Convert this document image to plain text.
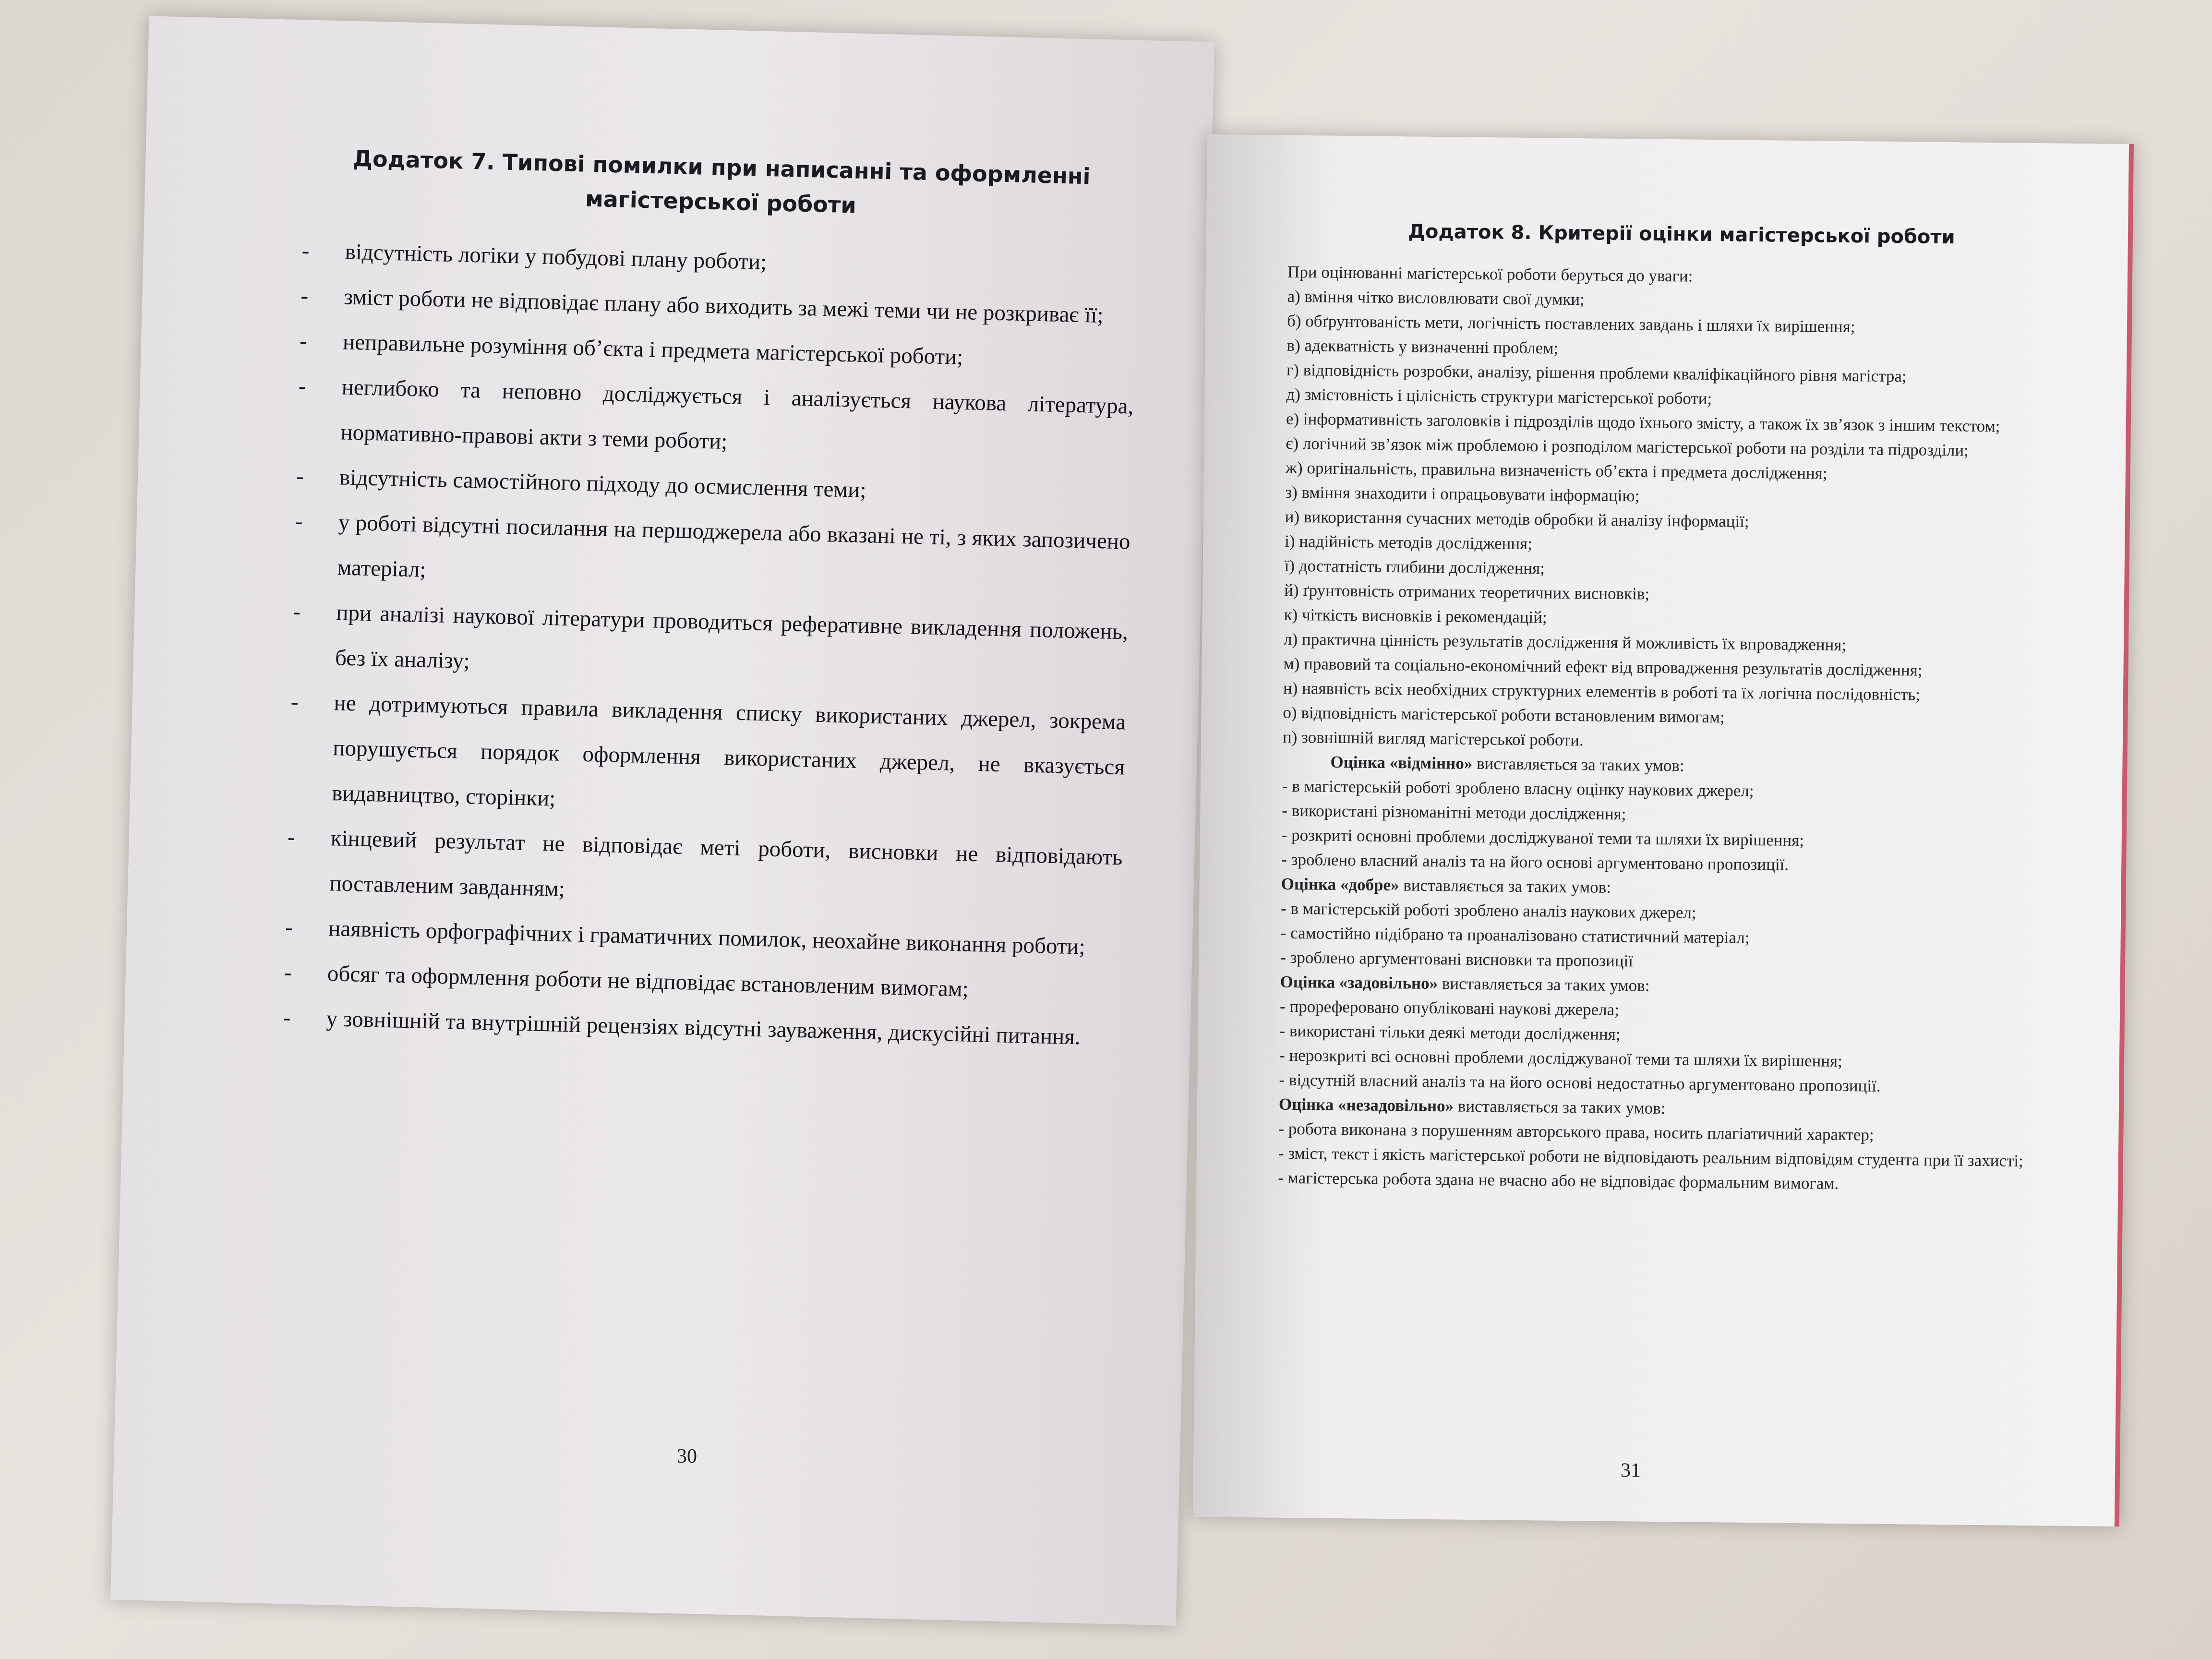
Додаток 7. Типові помилки при написанні та оформленні магістерської роботи
- відсутність логіки у побудові плану роботи;
- зміст роботи не відповідає плану або виходить за межі теми чи не розкриває її;
- неправильне розуміння об’єкта і предмета магістерської роботи;
- неглибоко та неповно досліджується і аналізується наукова література, нормативно-правові акти з теми роботи;
- відсутність самостійного підходу до осмислення теми;
- у роботі відсутні посилання на першоджерела або вказані не ті, з яких запозичено матеріал;
- при аналізі наукової літератури проводиться реферативне викладення положень, без їх аналізу;
- не дотримуються правила викладення списку використаних джерел, зокрема порушується порядок оформлення використаних джерел, не вказується видавництво, сторінки;
- кінцевий результат не відповідає меті роботи, висновки не відповідають поставленим завданням;
- наявність орфографічних і граматичних помилок, неохайне виконання роботи;
- обсяг та оформлення роботи не відповідає встановленим вимогам;
- у зовнішній та внутрішній рецензіях відсутні зауваження, дискусійні питання.
30
Додаток 8. Критерії оцінки магістерської роботи

При оцінюванні магістерської роботи беруться до уваги:

а) вміння чітко висловлювати свої думки;

б) обґрунтованість мети, логічність поставлених завдань і шляхи їх вирішення;

в) адекватність у визначенні проблем;

г) відповідність розробки, аналізу, рішення проблеми кваліфікаційного рівня магістра;

д) змістовність і цілісність структури магістерської роботи;

е) інформативність заголовків і підрозділів щодо їхнього змісту, а також їх зв’язок з іншим текстом;

є) логічний зв’язок між проблемою і розподілом магістерської роботи на розділи та підрозділи;

ж) оригінальність, правильна визначеність об’єкта і предмета дослідження;

з) вміння знаходити і опрацьовувати інформацію;

и) використання сучасних методів обробки й аналізу інформації;

і) надійність методів дослідження;

ї) достатність глибини дослідження;

й) ґрунтовність отриманих теоретичних висновків;

к) чіткість висновків і рекомендацій;

л) практична цінність результатів дослідження й можливість їх впровадження;

м) правовий та соціально-економічний ефект від впровадження результатів дослідження;

н) наявність всіх необхідних структурних елементів в роботі та їх логічна послідовність;

о) відповідність магістерської роботи встановленим вимогам;

п) зовнішній вигляд магістерської роботи.

Оцінка «відмінно» виставляється за таких умов:

- в магістерській роботі зроблено власну оцінку наукових джерел;

- використані різноманітні методи дослідження;

- розкриті основні проблеми досліджуваної теми та шляхи їх вирішення;

- зроблено власний аналіз та на його основі аргументовано пропозиції.

Оцінка «добре» виставляється за таких умов:

- в магістерській роботі зроблено аналіз наукових джерел;

- самостійно підібрано та проаналізовано статистичний матеріал;

- зроблено аргументовані висновки та пропозиції

Оцінка «задовільно» виставляється за таких умов:

- прореферовано опубліковані наукові джерела;

- використані тільки деякі методи дослідження;

- нерозкриті всі основні проблеми досліджуваної теми та шляхи їх вирішення;

- відсутній власний аналіз та на його основі недостатньо аргументовано пропозиції.

Оцінка «незадовільно» виставляється за таких умов:

- робота виконана з порушенням авторського права, носить плагіатичний характер;

- зміст, текст і якість магістерської роботи не відповідають реальним відповідям студента при її захисті;

- магістерська робота здана не вчасно або не відповідає формальним вимогам.

31
